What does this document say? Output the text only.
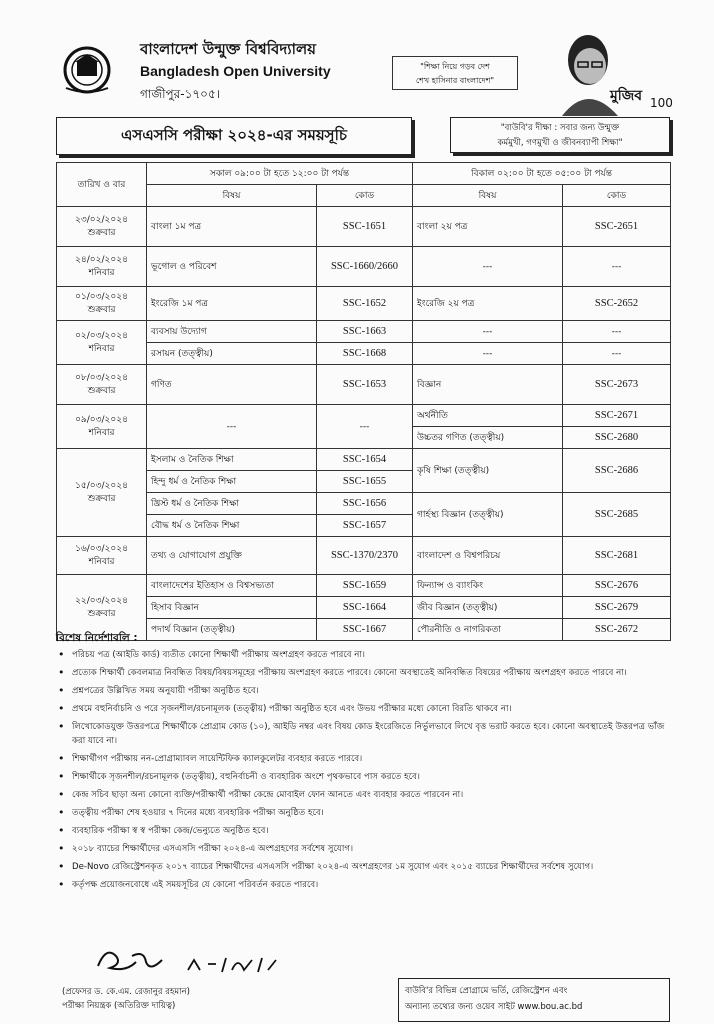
বাংলাদেশ উন্মুক্ত বিশ্ববিদ্যালয়
Bangladesh Open University
গাজীপুর-১৭০৫।
"শিক্ষা নিয়ে গড়ব দেশ
শেখ হাসিনার বাংলাদেশ"
মুজিব 100
এসএসসি পরীক্ষা ২০২৪-এর সময়সূচি	"বাউবি'র দীক্ষা : সবার জন্য উন্মুক্ত
কর্মমুখী, গণমুখী ও জীবনব্যাপী শিক্ষা"
তারিখ ও বার	সকাল ০৯:০০ টা হতে ১২:০০ টা পর্যন্ত		বিকাল ০২:০০ টা হতে ০৫:০০ টা পর্যন্ত	
	বিষয়	কোড	বিষয়	কোড

২৩/০২/২০২৪
শুক্রবার	বাংলা ১ম পত্র	SSC-1651	বাংলা ২য় পত্র	SSC-2651

২৪/০২/২০২৪
শনিবার	ভূগোল ও পরিবেশ	SSC-1660/2660	---	---

০১/০৩/২০২৪
শুক্রবার	ইংরেজি ১ম পত্র	SSC-1652	ইংরেজি ২য় পত্র	SSC-2652

০২/০৩/২০২৪
শনিবার	ব্যবসায় উদ্যোগ	SSC-1663	---	---
	রসায়ন (তত্ত্বীয়)	SSC-1668	---	---

০৮/০৩/২০২৪
শুক্রবার	গণিত	SSC-1653	বিজ্ঞান	SSC-2673

০৯/০৩/২০২৪
শনিবার	---	---	অর্থনীতি	SSC-2671
			উচ্চতর গণিত (তত্ত্বীয়)	SSC-2680

১৫/০৩/২০২৪
শুক্রবার	ইসলাম ও নৈতিক শিক্ষা	SSC-1654	কৃষি শিক্ষা (তত্ত্বীয়)	SSC-2686
	হিন্দু ধর্ম ও নৈতিক শিক্ষা	SSC-1655		
	খ্রিস্ট ধর্ম ও নৈতিক শিক্ষা	SSC-1656	গার্হস্থ্য বিজ্ঞান (তত্ত্বীয়)	SSC-2685
	বৌদ্ধ ধর্ম ও নৈতিক শিক্ষা	SSC-1657		

১৬/০৩/২০২৪
শনিবার	তথ্য ও যোগাযোগ প্রযুক্তি	SSC-1370/2370	বাংলাদেশ ও বিশ্বপরিচয়	SSC-2681

২২/০৩/২০২৪
শুক্রবার	বাংলাদেশের ইতিহাস ও বিশ্বসভ্যতা	SSC-1659	ফিন্যান্স ও ব্যাংকিং	SSC-2676
	হিসাব বিজ্ঞান	SSC-1664	জীব বিজ্ঞান (তত্ত্বীয়)	SSC-2679
	পদার্থ বিজ্ঞান (তত্ত্বীয়)	SSC-1667	পৌরনীতি ও নাগরিকতা	SSC-2672
বিশেষ নির্দেশাবলি :
• পরিচয় পত্র (আইডি কার্ড) ব্যতীত কোনো শিক্ষার্থী পরীক্ষায় অংশগ্রহণ করতে পারবে না।
• প্রত্যেক শিক্ষার্থী কেবলমাত্র নিবন্ধিত বিষয়/বিষয়সমূহের পরীক্ষায় অংশগ্রহণ করতে পারবে। কোনো অবস্থাতেই অনিবন্ধিত বিষয়ের পরীক্ষায় অংশগ্রহণ করতে পারবে না।
• প্রশ্নপত্রের উল্লিখিত সময় অনুযায়ী পরীক্ষা অনুষ্ঠিত হবে।
• প্রথমে বহুনির্বাচনি ও পরে সৃজনশীল/রচনামূলক (তত্ত্বীয়) পরীক্ষা অনুষ্ঠিত হবে এবং উভয় পরীক্ষার মধ্যে কোনো বিরতি থাকবে না।
• লিখোকোডযুক্ত উত্তরপত্রে শিক্ষার্থীকে প্রোগ্রাম কোড (১০), আইডি নম্বর এবং বিষয় কোড ইংরেজিতে নির্ভুলভাবে লিখে বৃত্ত ভরাট করতে হবে। কোনো অবস্থাতেই উত্তরপত্র ভাঁজ করা যাবে না।
• শিক্ষার্থীগণ পরীক্ষায় নন-প্রোগ্রাম্যাবল সায়েন্টিফিক ক্যালকুলেটর ব্যবহার করতে পারবে।
• শিক্ষার্থীকে সৃজনশীল/রচনামূলক (তত্ত্বীয়), বহুনির্বাচনী ও ব্যবহারিক অংশে পৃথকভাবে পাস করতে হবে।
• কেন্দ্র সচিব ছাড়া অন্য কোনো ব্যক্তি/পরীক্ষার্থী পরীক্ষা কেন্দ্রে মোবাইল ফোন আনতে এবং ব্যবহার করতে পারবেন না।
• তত্ত্বীয় পরীক্ষা শেষ হওয়ার ৭ দিনের মধ্যে ব্যবহারিক পরীক্ষা অনুষ্ঠিত হবে।
• ব্যবহারিক পরীক্ষা স্ব স্ব পরীক্ষা কেন্দ্র/ভেন্যুতে অনুষ্ঠিত হবে।
• ২০১৮ ব্যাচের শিক্ষার্থীদের এসএসসি পরীক্ষা ২০২৪-এ অংশগ্রহণের সর্বশেষ সুযোগ।
• De-Novo রেজিস্ট্রেশনকৃত ২০১৭ ব্যাচের শিক্ষার্থীদের এসএসসি পরীক্ষা ২০২৪-এ অংশগ্রহণের ১ম সুযোগ এবং ২০১৫ ব্যাচের শিক্ষার্থীদের সর্বশেষ সুযোগ।
• কর্তৃপক্ষ প্রয়োজনবোধে এই সময়সূচির যে কোনো পরিবর্তন করতে পারবে।
(প্রফেসর ড. কে.এম. রেজানুর রহমান)
পরীক্ষা নিয়ন্ত্রক (অতিরিক্ত দায়িত্ব)
বাউবি'র বিভিন্ন প্রোগ্রামে ভর্তি, রেজিস্ট্রেশন এবং
অন্যান্য তথ্যের জন্য ওয়েব সাইট www.bou.ac.bd
